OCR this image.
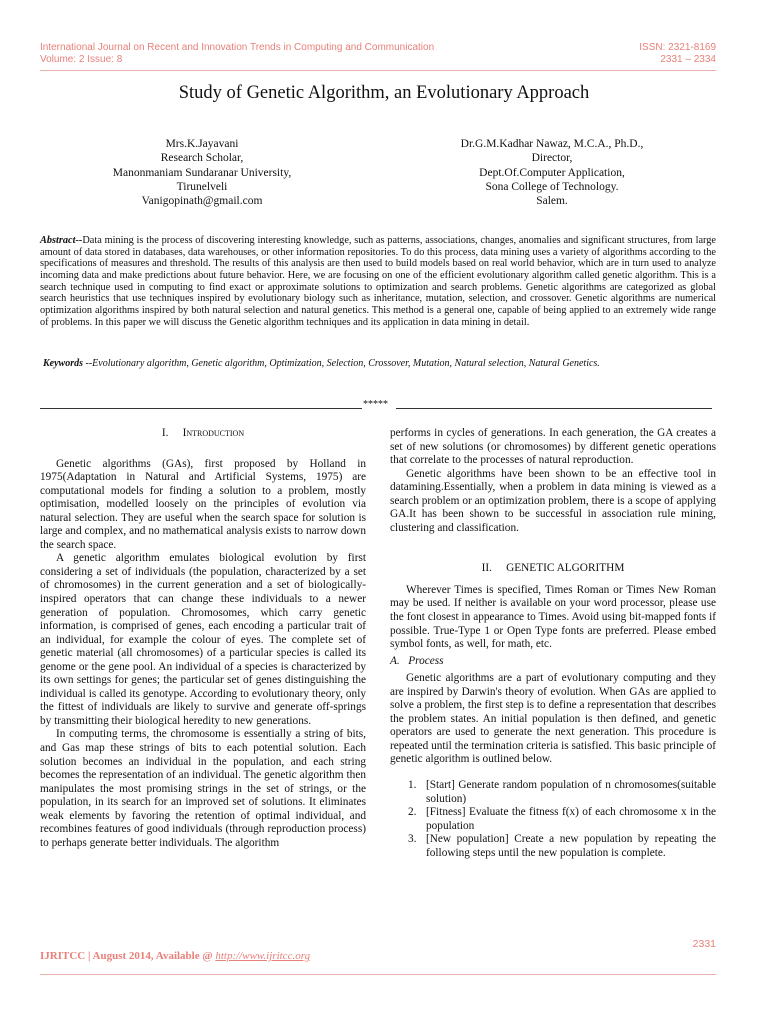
International Journal on Recent and Innovation Trends in Computing and Communication
Volume: 2 Issue: 8
ISSN: 2321-8169
2331 – 2334
Study of Genetic Algorithm, an Evolutionary Approach
Mrs.K.Jayavani
Research Scholar,
Manonmaniam Sundaranar University,
Tirunelveli
Vanigopinath@gmail.com
Dr.G.M.Kadhar Nawaz, M.C.A., Ph.D.,
Director,
Dept.Of.Computer Application,
Sona College of Technology.
Salem.
Abstract--Data mining is the process of discovering interesting knowledge, such as patterns, associations, changes, anomalies and significant structures, from large amount of data stored in databases, data warehouses, or other information repositories. To do this process, data mining uses a variety of algorithms according to the specifications of measures and threshold. The results of this analysis are then used to build models based on real world behavior, which are in turn used to analyze incoming data and make predictions about future behavior. Here, we are focusing on one of the efficient evolutionary algorithm called genetic algorithm. This is a search technique used in computing to find exact or approximate solutions to optimization and search problems. Genetic algorithms are categorized as global search heuristics that use techniques inspired by evolutionary biology such as inheritance, mutation, selection, and crossover. Genetic algorithms are numerical optimization algorithms inspired by both natural selection and natural genetics. This method is a general one, capable of being applied to an extremely wide range of problems. In this paper we will discuss the Genetic algorithm techniques and its application in data mining in detail.
Keywords --Evolutionary algorithm, Genetic algorithm, Optimization, Selection, Crossover, Mutation, Natural selection, Natural Genetics.
*****

I. Introduction

Genetic algorithms (GAs), first proposed by Holland in 1975(Adaptation in Natural and Artificial Systems, 1975) are computational models for finding a solution to a problem, mostly optimisation, modelled loosely on the principles of evolution via natural selection. They are useful when the search space for solution is large and complex, and no mathematical analysis exists to narrow down the search space.

A genetic algorithm emulates biological evolution by first considering a set of individuals (the population, characterized by a set of chromosomes) in the current generation and a set of biologically-inspired operators that can change these individuals to a newer generation of population. Chromosomes, which carry genetic information, is comprised of genes, each encoding a particular trait of an individual, for example the colour of eyes. The complete set of genetic material (all chromosomes) of a particular species is called its genome or the gene pool. An individual of a species is characterized by its own settings for genes; the particular set of genes distinguishing the individual is called its genotype. According to evolutionary theory, only the fittest of individuals are likely to survive and generate off-springs by transmitting their biological heredity to new generations.

In computing terms, the chromosome is essentially a string of bits, and Gas map these strings of bits to each potential solution. Each solution becomes an individual in the population, and each string becomes the representation of an individual. The genetic algorithm then manipulates the most promising strings in the set of strings, or the population, in its search for an improved set of solutions. It eliminates weak elements by favoring the retention of optimal individual, and recombines features of good individuals (through reproduction process) to perhaps generate better individuals. The algorithm

performs in cycles of generations. In each generation, the GA creates a set of new solutions (or chromosomes) by different genetic operations that correlate to the processes of natural reproduction.

Genetic algorithms have been shown to be an effective tool in datamining.Essentially, when a problem in data mining is viewed as a search problem or an optimization problem, there is a scope of applying GA.It has been shown to be successful in association rule mining, clustering and classification.

II.     GENETIC ALGORITHM

Wherever Times is specified, Times Roman or Times New Roman may be used. If neither is available on your word processor, please use the font closest in appearance to Times. Avoid using bit-mapped fonts if possible. True-Type 1 or Open Type fonts are preferred. Please embed symbol fonts, as well, for math, etc.

A.   Process

Genetic algorithms are a part of evolutionary computing and they are inspired by Darwin's theory of evolution. When GAs are applied to solve a problem, the first step is to define a representation that describes the problem states. An initial population is then defined, and genetic operators are used to generate the next generation. This procedure is repeated until the termination criteria is satisfied. This basic principle of genetic algorithm is outlined below.

1. [Start] Generate random population of n chromosomes(suitable solution)
2. [Fitness] Evaluate the fitness f(x) of each chromosome x in the population
3. [New population] Create a new population by repeating the following steps until the new population is complete.
2331
IJRITCC | August 2014, Available @ http://www.ijritcc.org
